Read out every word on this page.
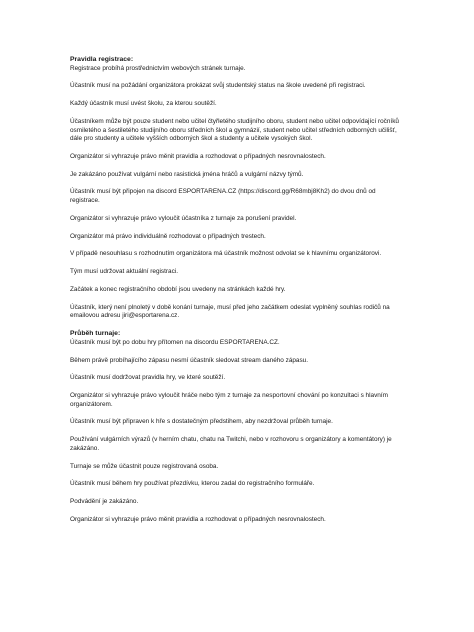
Pravidla registrace:

Registrace probíhá prostřednictvím webových stránek turnaje.

Účastník musí na požádání organizátora prokázat svůj studentský status na škole uvedené při registraci.

Každý účastník musí uvést školu, za kterou soutěží.

Účastníkem může být pouze student nebo učitel čtyřletého studijního oboru, student nebo učitel odpovídající ročníků osmiletého a šestiletého studijního oboru středních škol a gymnázií, student nebo učitel středních odborných učilišť, dále pro studenty a učitele vyšších odborných škol a studenty a učitele vysokých škol.

Organizátor si vyhrazuje právo měnit pravidla a rozhodovat o případných nesrovnalostech.

Je zakázáno používat vulgární nebo rasistická jména hráčů a vulgární názvy týmů.

Účastník musí být připojen na discord ESPORTARENA.CZ (https://discord.gg/R68mbj8Kh2) do dvou dnů od registrace.

Organizátor si vyhrazuje právo vyloučit účastníka z turnaje za porušení pravidel.

Organizátor má právo individuálně rozhodovat o případných trestech.

V případě nesouhlasu s rozhodnutím organizátora má účastník možnost odvolat se k hlavnímu organizátorovi.

Tým musí udržovat aktuální registraci.

Začátek a konec registračního období jsou uvedeny na stránkách každé hry.

Účastník, který není plnoletý v době konání turnaje, musí před jeho začátkem odeslat vyplněný souhlas rodičů na emailovou adresu jiri@esportarena.cz.

Průběh turnaje:

Účastník musí být po dobu hry přítomen na discordu ESPORTARENA.CZ.

Během právě probíhajícího zápasu nesmí účastník sledovat stream daného zápasu.

Účastník musí dodržovat pravidla hry, ve které soutěží.

Organizátor si vyhrazuje právo vyloučit hráče nebo tým z turnaje za nesportovní chování po konzultaci s hlavním organizátorem.

Účastník musí být připraven k hře s dostatečným předstihem, aby nezdržoval průběh turnaje.

Používání vulgárních výrazů (v herním chatu, chatu na Twitchi, nebo v rozhovoru s organizátory a komentátory) je zakázáno.

Turnaje se může účastnit pouze registrovaná osoba.

Účastník musí během hry používat přezdívku, kterou zadal do registračního formuláře.

Podvádění je zakázáno.

Organizátor si vyhrazuje právo měnit pravidla a rozhodovat o případných nesrovnalostech.
